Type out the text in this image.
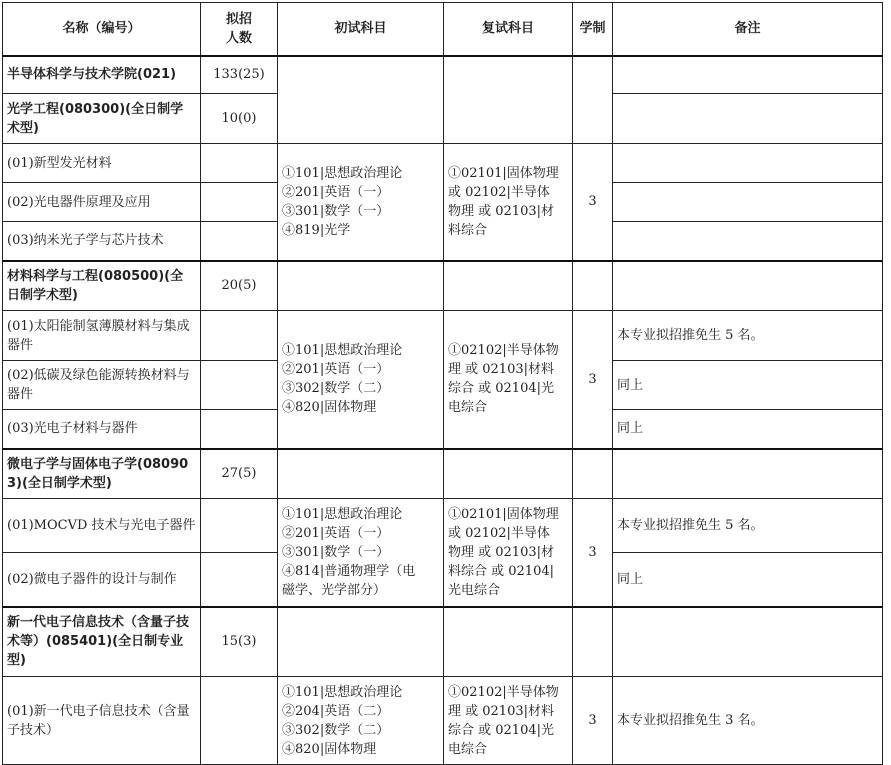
名称（编号）	拟招
人数	初试科目	复试科目	学制	备注
半导体科学与技术学院(021)	133(25)				
光学工程(080300)(全日制学术型)	10(0)				
(01)新型发光材料		①101|思想政治理论
②201|英语（一）
③301|数学（一）
④819|光学	①02101|固体物理
或 02102|半导体
物理 或 02103|材
料综合	3	
(02)光电器件原理及应用					
(03)纳米光子学与芯片技术					
材料科学与工程(080500)(全日制学术型)	20(5)				
(01)太阳能制氢薄膜材料与集成器件		①101|思想政治理论
②201|英语（一）
③302|数学（二）
④820|固体物理	①02102|半导体物
理 或 02103|材料
综合 或 02104|光
电综合	3	本专业拟招推免生 5 名。
(02)低碳及绿色能源转换材料与器件					同上
(03)光电子材料与器件					同上
微电子学与固体电子学(080903)(全日制学术型)	27(5)				
(01)MOCVD 技术与光电子器件		①101|思想政治理论
②201|英语（一）
③301|数学（一）
④814|普通物理学（电
磁学、光学部分）	①02101|固体物理
或 02102|半导体
物理 或 02103|材
料综合 或 02104|
光电综合	3	本专业拟招推免生 5 名。
(02)微电子器件的设计与制作					同上
新一代电子信息技术（含量子技术等）(085401)(全日制专业型)	15(3)				
(01)新一代电子信息技术（含量子技术）		①101|思想政治理论
②204|英语（二）
③302|数学（二）
④820|固体物理	①02102|半导体物
理 或 02103|材料
综合 或 02104|光
电综合	3	本专业拟招推免生 3 名。
